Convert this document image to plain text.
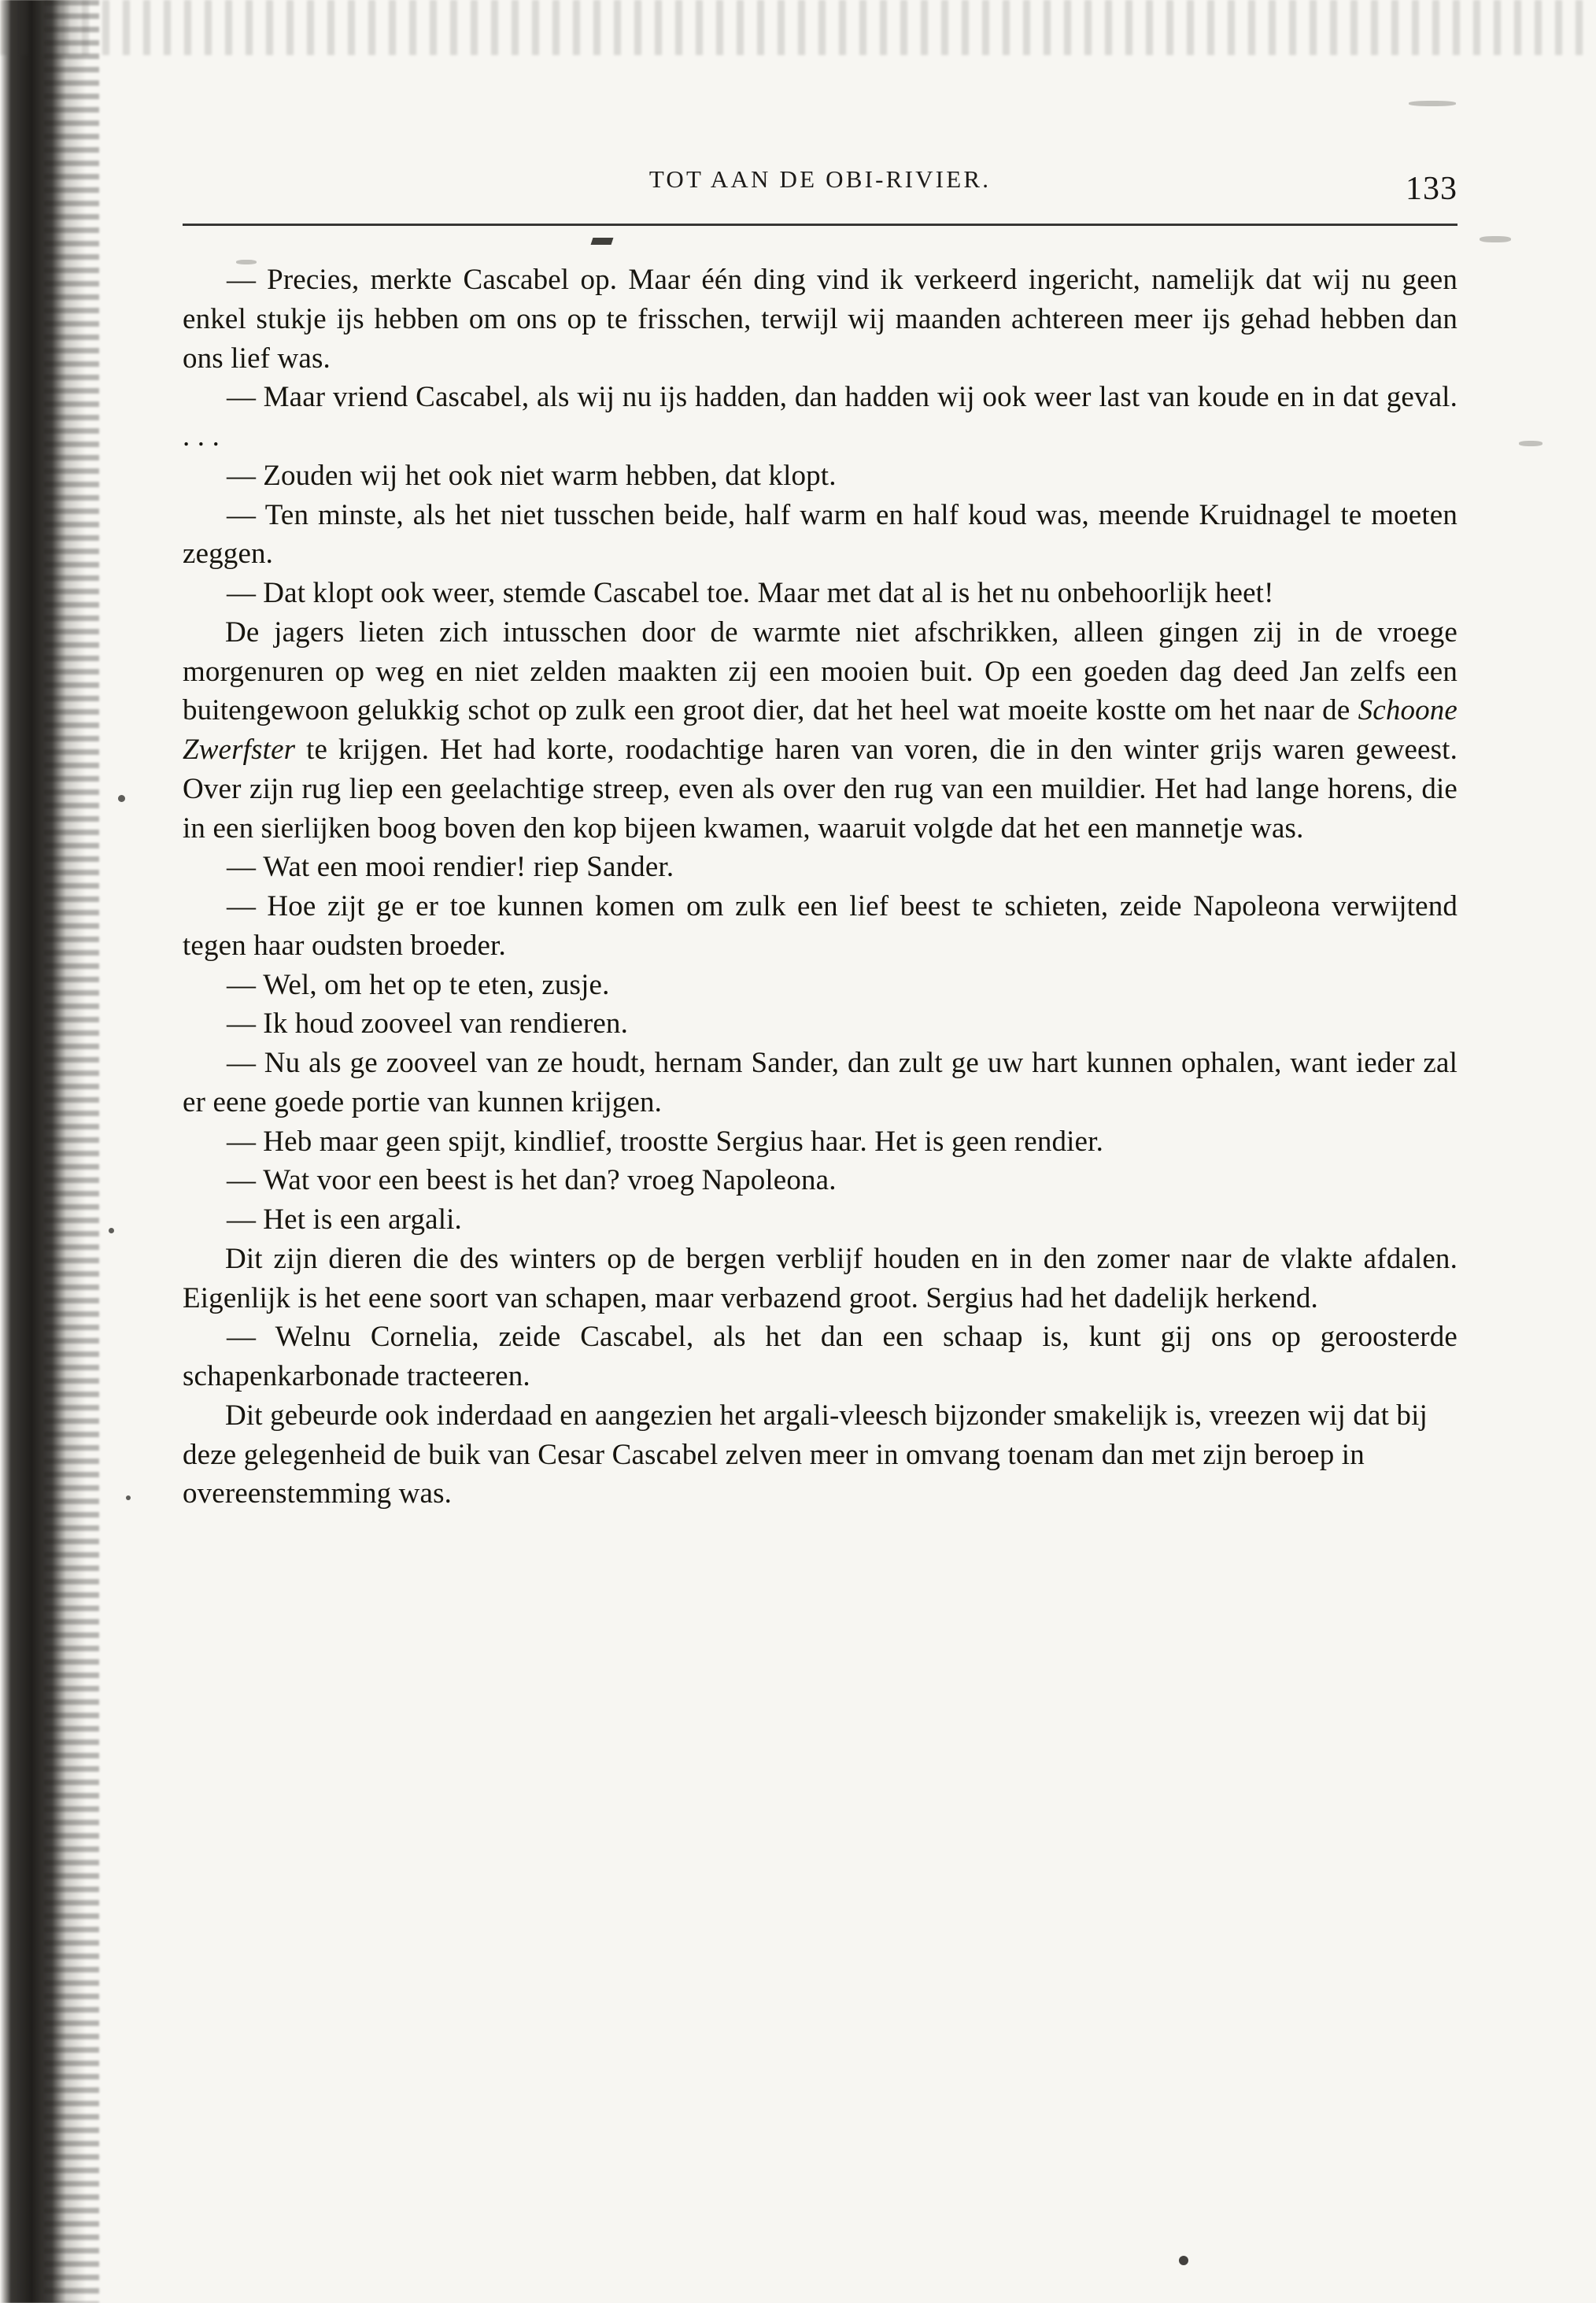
TOT AAN DE OBI-RIVIER.	133

— Precies, merkte Cascabel op. Maar één ding vind ik verkeerd ingericht, namelijk dat wij nu geen enkel stukje ijs hebben om ons op te frisschen, terwijl wij maanden achtereen meer ijs gehad hebben dan ons lief was.

— Maar vriend Cascabel, als wij nu ijs hadden, dan hadden wij ook weer last van koude en in dat geval. . . .

— Zouden wij het ook niet warm hebben, dat klopt.

— Ten minste, als het niet tusschen beide, half warm en half koud was, meende Kruidnagel te moeten zeggen.

— Dat klopt ook weer, stemde Cascabel toe. Maar met dat al is het nu onbehoorlijk heet!

De jagers lieten zich intusschen door de warmte niet afschrikken, alleen gingen zij in de vroege morgenuren op weg en niet zelden maakten zij een mooien buit. Op een goeden dag deed Jan zelfs een buitengewoon gelukkig schot op zulk een groot dier, dat het heel wat moeite kostte om het naar de Schoone Zwerfster te krijgen. Het had korte, roodachtige haren van voren, die in den winter grijs waren geweest. Over zijn rug liep een geelachtige streep, even als over den rug van een muildier. Het had lange horens, die in een sierlijken boog boven den kop bijeen kwamen, waaruit volgde dat het een mannetje was.

— Wat een mooi rendier! riep Sander.

— Hoe zijt ge er toe kunnen komen om zulk een lief beest te schieten, zeide Napoleona verwijtend tegen haar oudsten broeder.

— Wel, om het op te eten, zusje.

— Ik houd zooveel van rendieren.

— Nu als ge zooveel van ze houdt, hernam Sander, dan zult ge uw hart kunnen ophalen, want ieder zal er eene goede portie van kunnen krijgen.

— Heb maar geen spijt, kindlief, troostte Sergius haar. Het is geen rendier.

— Wat voor een beest is het dan? vroeg Napoleona.

— Het is een argali.

Dit zijn dieren die des winters op de bergen verblijf houden en in den zomer naar de vlakte afdalen. Eigenlijk is het eene soort van schapen, maar verbazend groot. Sergius had het dadelijk herkend.

— Welnu Cornelia, zeide Cascabel, als het dan een schaap is, kunt gij ons op geroosterde schapenkarbonade tracteeren.

Dit gebeurde ook inderdaad en aangezien het argali-vleesch bijzonder smakelijk is, vreezen wij dat bij deze gelegenheid de buik van Cesar Cascabel zelven meer in omvang toenam dan met zijn beroep in overeenstemming was.
